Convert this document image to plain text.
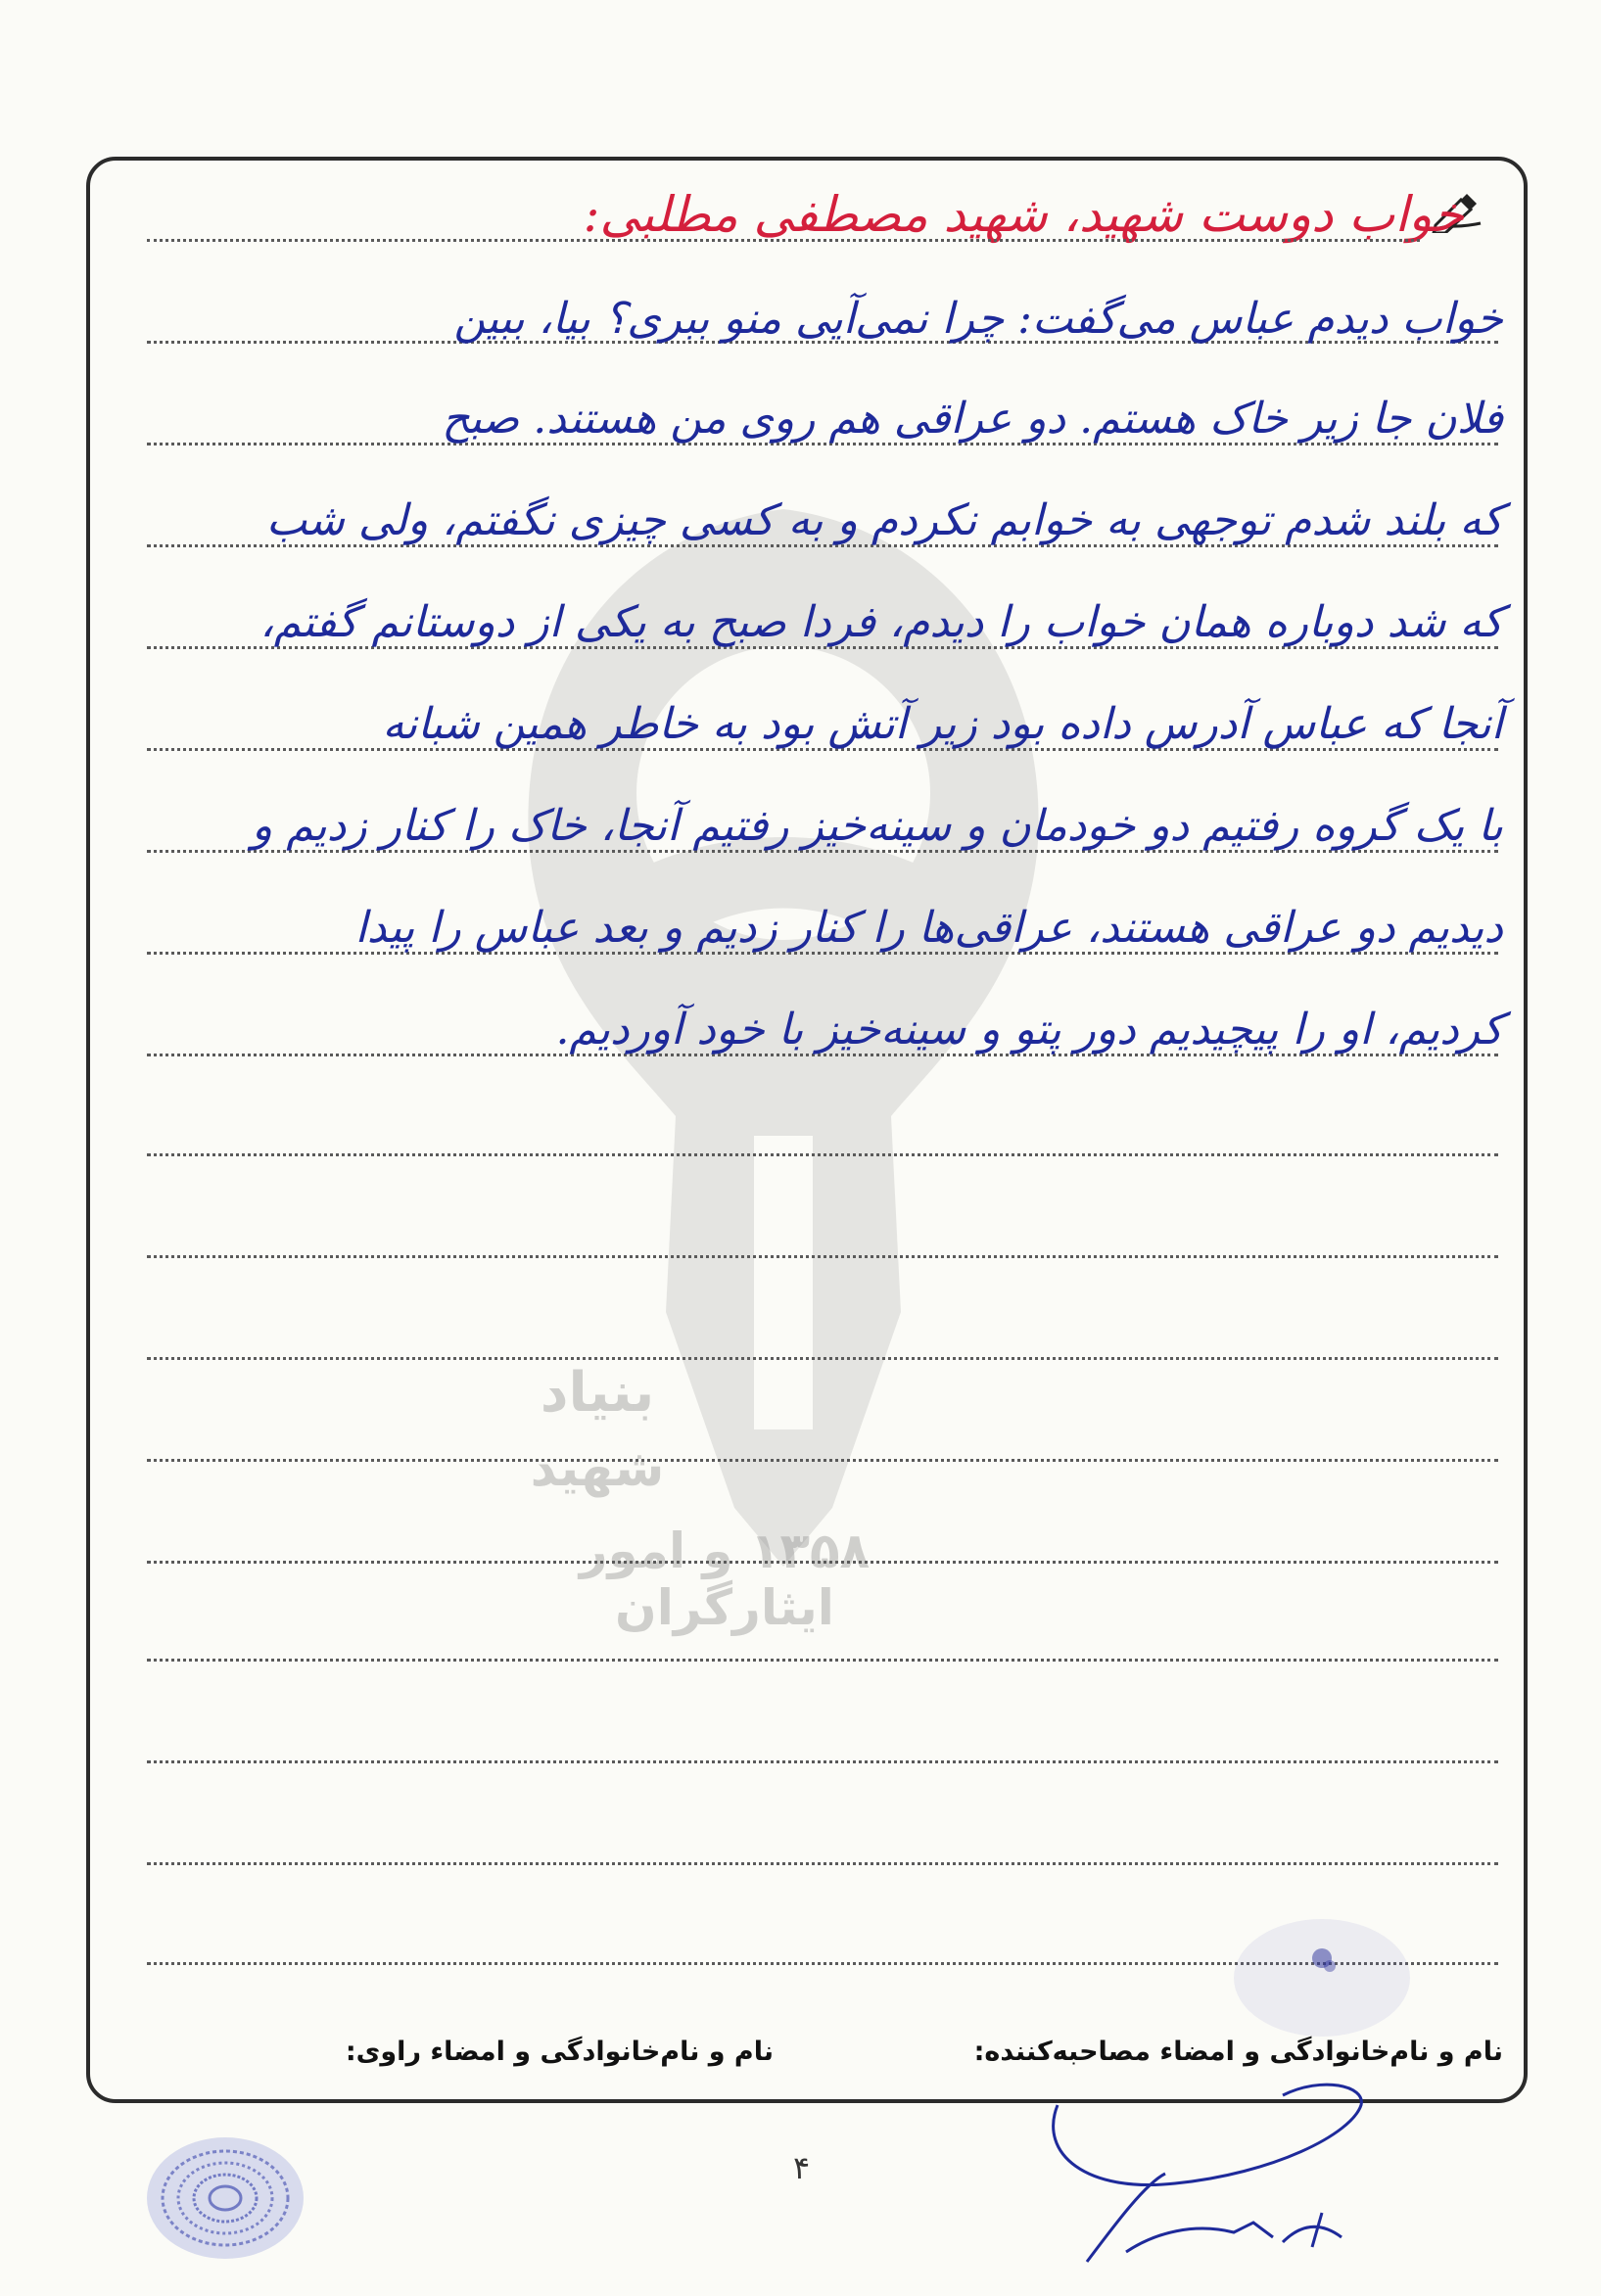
بنیاد
شهید
۱۳۵۸ و امور ایثارگران
خواب دوست شهید، شهید مصطفی مطلبی:
خواب دیدم عباس می‌گفت: چرا نمی‌آیی منو ببری؟ بیا، ببین
فلان جا زیر خاک هستم. دو عراقی هم روی من هستند. صبح
که بلند شدم توجهی به خوابم نکردم و به کسی چیزی نگفتم، ولی شب
که شد دوباره همان خواب را دیدم، فردا صبح به یکی از دوستانم گفتم،
آنجا که عباس آدرس داده بود زیر آتش بود به خاطر همین شبانه
با یک گروه رفتیم دو خودمان و سینه‌خیز رفتیم آنجا، خاک را کنار زدیم و
دیدیم دو عراقی هستند، عراقی‌ها را کنار زدیم و بعد عباس را پیدا
کردیم، او را پیچیدیم دور پتو و سینه‌خیز با خود آوردیم.
نام و نام‌خانوادگی و امضاء مصاحبه‌کننده:
نام و نام‌خانوادگی و امضاء راوی:
۴
